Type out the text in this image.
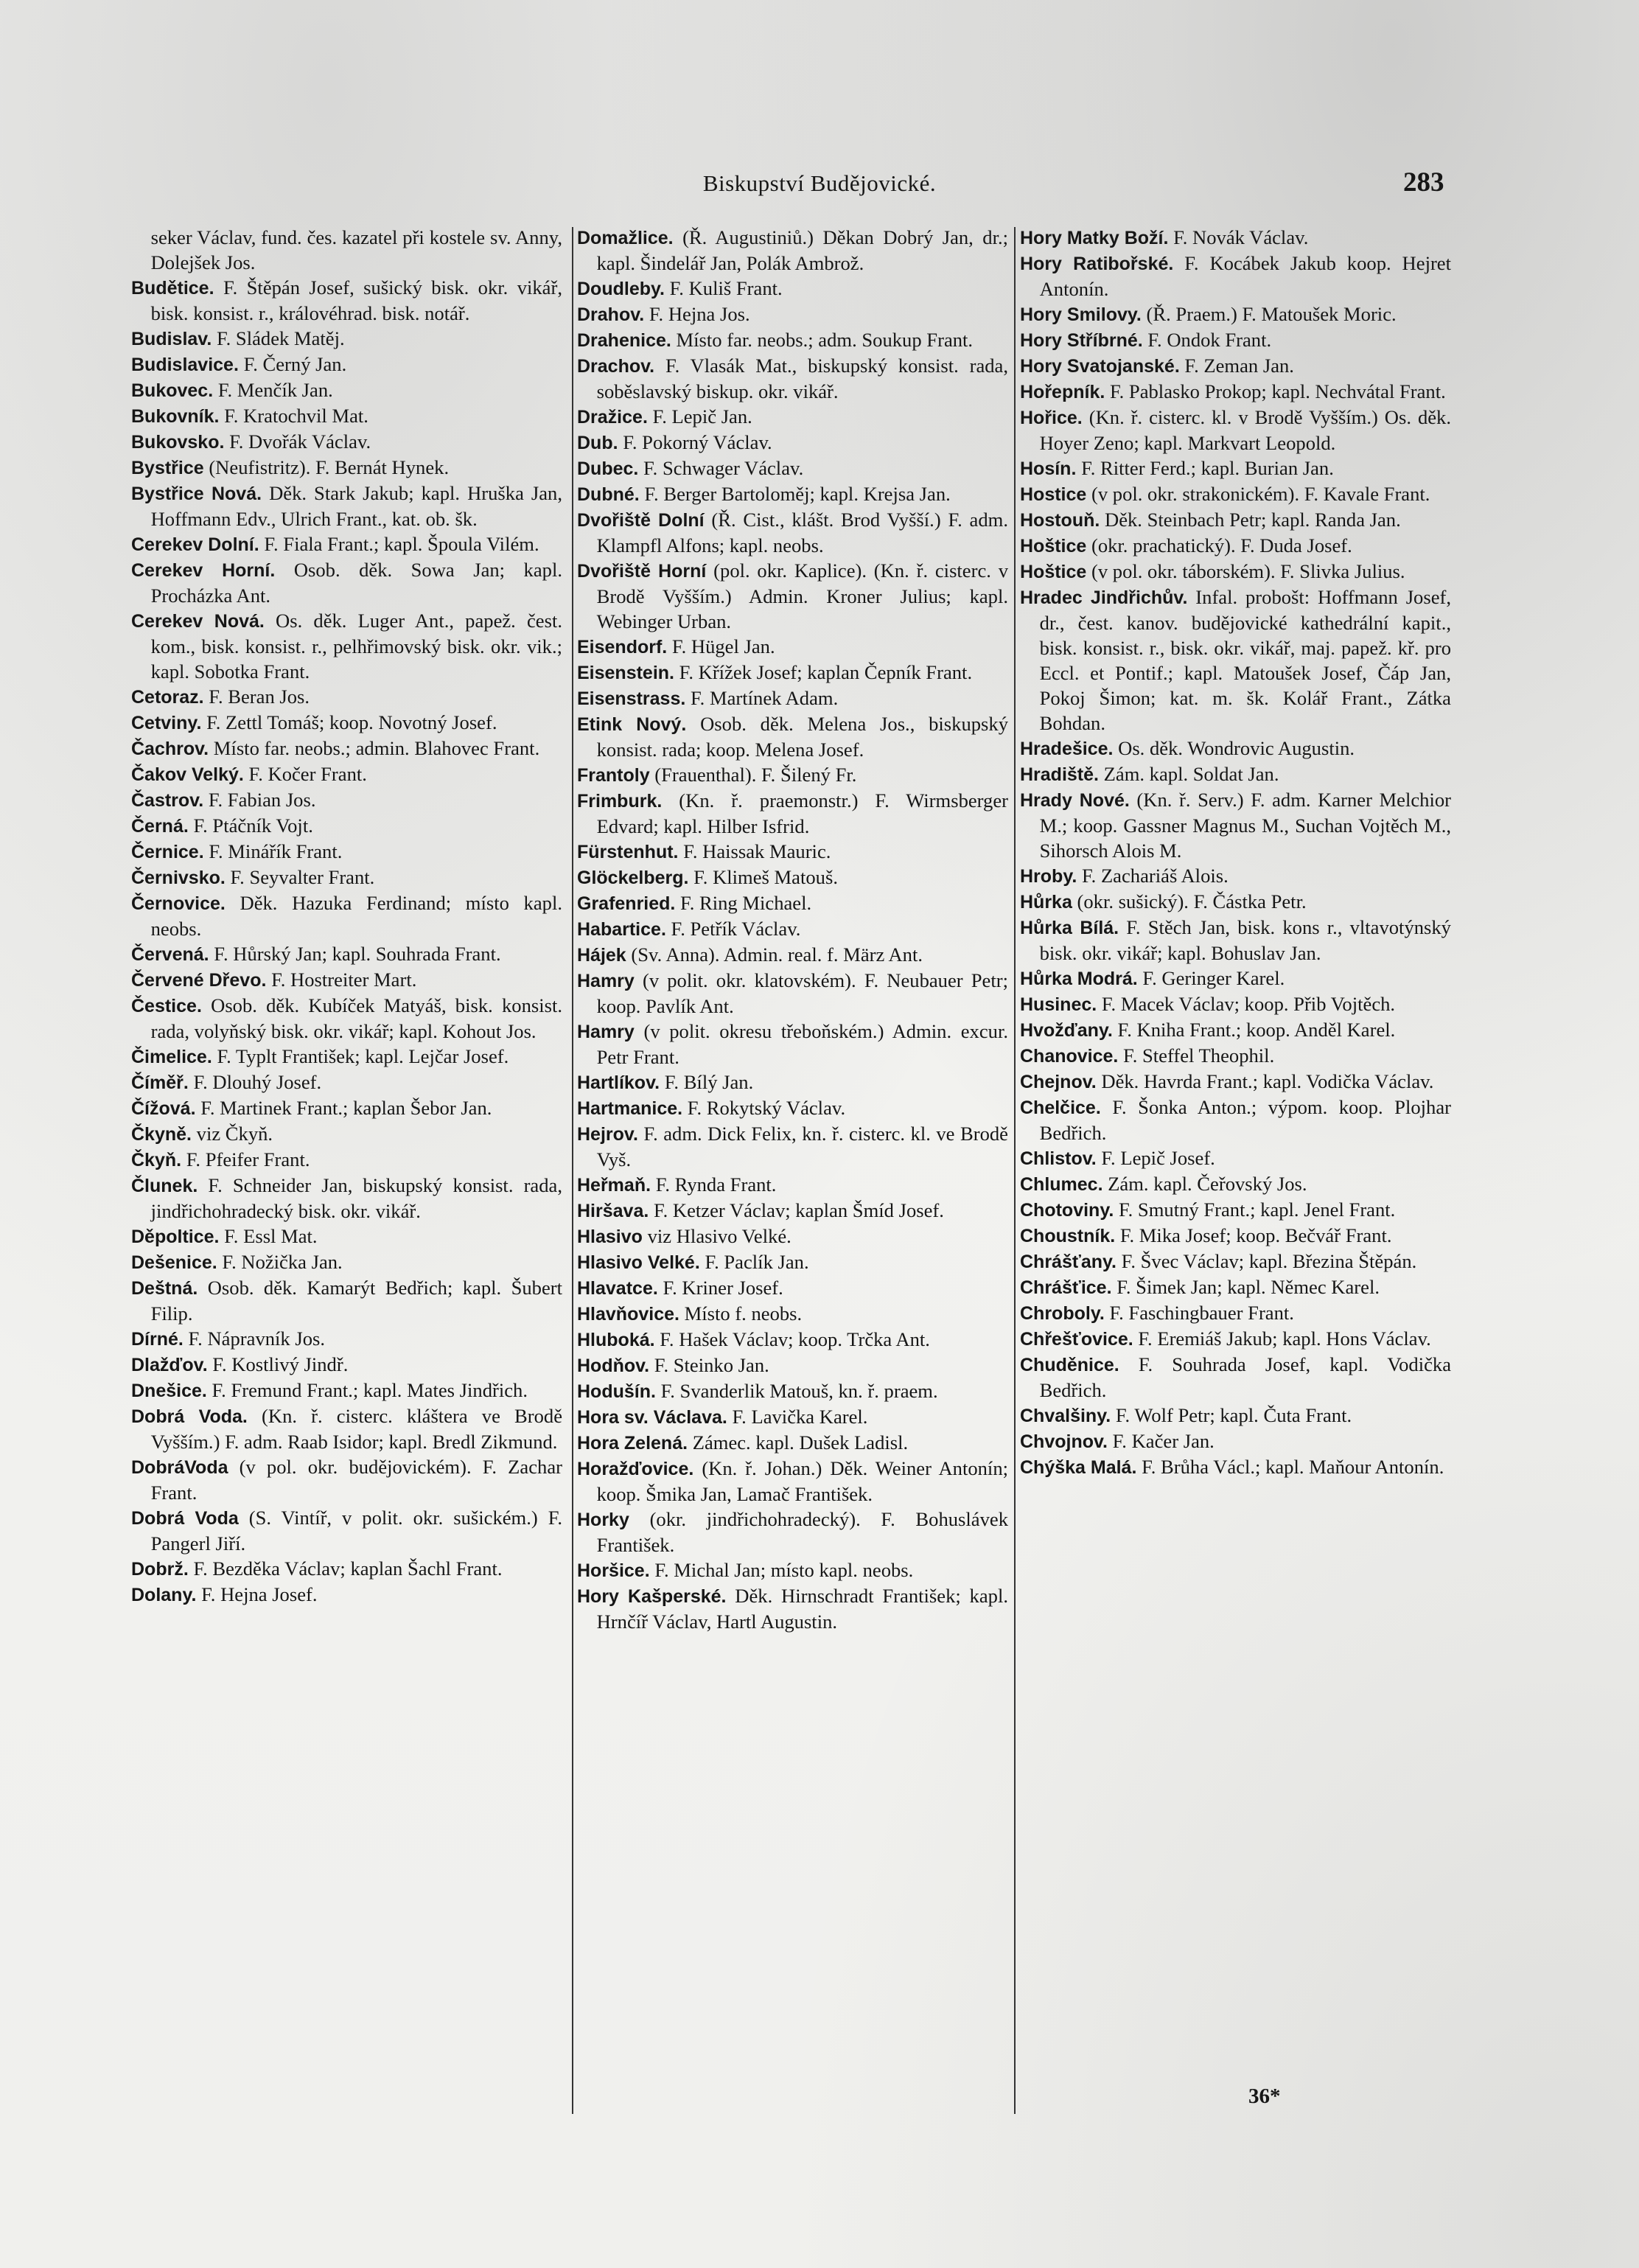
Biskupství Budějovické.	283

seker Václav, fund. čes. kazatel při kostele sv. Anny, Dolejšek Jos.

Budětice. F. Štěpán Josef, sušický bisk. okr. vikář, bisk. konsist. r., královéhrad. bisk. notář.

Budislav. F. Sládek Matěj.

Budislavice. F. Černý Jan.

Bukovec. F. Menčík Jan.

Bukovník. F. Kratochvil Mat.

Bukovsko. F. Dvořák Václav.

Bystřice (Neufistritz). F. Bernát Hynek.

Bystřice Nová. Děk. Stark Jakub; kapl. Hruška Jan, Hoffmann Edv., Ulrich Frant., kat. ob. šk.

Cerekev Dolní. F. Fiala Frant.; kapl. Špoula Vilém.

Cerekev Horní. Osob. děk. Sowa Jan; kapl. Procházka Ant.

Cerekev Nová. Os. děk. Luger Ant., papež. čest. kom., bisk. konsist. r., pelhřimovský bisk. okr. vik.; kapl. Sobotka Frant.

Cetoraz. F. Beran Jos.

Cetviny. F. Zettl Tomáš; koop. Novotný Josef.

Čachrov. Místo far. neobs.; admin. Blahovec Frant.

Čakov Velký. F. Kočer Frant.

Častrov. F. Fabian Jos.

Černá. F. Ptáčník Vojt.

Černice. F. Minářík Frant.

Černivsko. F. Seyvalter Frant.

Černovice. Děk. Hazuka Ferdinand; místo kapl. neobs.

Červená. F. Hůrský Jan; kapl. Souhrada Frant.

Červené Dřevo. F. Hostreiter Mart.

Čestice. Osob. děk. Kubíček Matyáš, bisk. konsist. rada, volyňský bisk. okr. vikář; kapl. Kohout Jos.

Čimelice. F. Typlt František; kapl. Lejčar Josef.

Číměř. F. Dlouhý Josef.

Čížová. F. Martinek Frant.; kaplan Šebor Jan.

Čkyně. viz Čkyň.

Čkyň. F. Pfeifer Frant.

Člunek. F. Schneider Jan, biskupský konsist. rada, jindřichohradecký bisk. okr. vikář.

Děpoltice. F. Essl Mat.

Dešenice. F. Nožička Jan.

Deštná. Osob. děk. Kamarýt Bedřich; kapl. Šubert Filip.

Dírné. F. Nápravník Jos.

Dlažďov. F. Kostlivý Jindř.

Dnešice. F. Fremund Frant.; kapl. Mates Jindřich.

Dobrá Voda. (Kn. ř. cisterc. kláštera ve Brodě Vyšším.) F. adm. Raab Isidor; kapl. Bredl Zikmund.

DobráVoda (v pol. okr. budějovickém). F. Zachar Frant.

Dobrá Voda (S. Vintíř, v polit. okr. sušickém.) F. Pangerl Jiří.

Dobrž. F. Bezděka Václav; kaplan Šachl Frant.

Dolany. F. Hejna Josef.

Domažlice. (Ř. Augustiniů.) Děkan Dobrý Jan, dr.; kapl. Šindelář Jan, Polák Ambrož.

Doudleby. F. Kuliš Frant.

Drahov. F. Hejna Jos.

Drahenice. Místo far. neobs.; adm. Soukup Frant.

Drachov. F. Vlasák Mat., biskupský konsist. rada, soběslavský biskup. okr. vikář.

Dražice. F. Lepič Jan.

Dub. F. Pokorný Václav.

Dubec. F. Schwager Václav.

Dubné. F. Berger Bartoloměj; kapl. Krejsa Jan.

Dvořiště Dolní (Ř. Cist., klášt. Brod Vyšší.) F. adm. Klampfl Alfons; kapl. neobs.

Dvořiště Horní (pol. okr. Kaplice). (Kn. ř. cisterc. v Brodě Vyšším.) Admin. Kroner Julius; kapl. Webinger Urban.

Eisendorf. F. Hügel Jan.

Eisenstein. F. Křížek Josef; kaplan Čepník Frant.

Eisenstrass. F. Martínek Adam.

Etink Nový. Osob. děk. Melena Jos., biskupský konsist. rada; koop. Melena Josef.

Frantoly (Frauenthal). F. Šilený Fr.

Frimburk. (Kn. ř. praemonstr.) F. Wirmsberger Edvard; kapl. Hilber Isfrid.

Fürstenhut. F. Haissak Mauric.

Glöckelberg. F. Klimeš Matouš.

Grafenried. F. Ring Michael.

Habartice. F. Petřík Václav.

Hájek (Sv. Anna). Admin. real. f. März Ant.

Hamry (v polit. okr. klatovském). F. Neubauer Petr; koop. Pavlík Ant.

Hamry (v polit. okresu třeboňském.) Admin. excur. Petr Frant.

Hartlíkov. F. Bílý Jan.

Hartmanice. F. Rokytský Václav.

Hejrov. F. adm. Dick Felix, kn. ř. cisterc. kl. ve Brodě Vyš.

Heřmaň. F. Rynda Frant.

Hiršava. F. Ketzer Václav; kaplan Šmíd Josef.

Hlasivo viz Hlasivo Velké.

Hlasivo Velké. F. Paclík Jan.

Hlavatce. F. Kriner Josef.

Hlavňovice. Místo f. neobs.

Hluboká. F. Hašek Václav; koop. Trčka Ant.

Hodňov. F. Steinko Jan.

Hodušín. F. Svanderlik Matouš, kn. ř. praem.

Hora sv. Václava. F. Lavička Karel.

Hora Zelená. Zámec. kapl. Dušek Ladisl.

Horažďovice. (Kn. ř. Johan.) Děk. Weiner Antonín; koop. Šmika Jan, Lamač František.

Horky (okr. jindřichohradecký). F. Bohuslávek František.

Horšice. F. Michal Jan; místo kapl. neobs.

Hory Kašperské. Děk. Hirnschradt František; kapl. Hrnčíř Václav, Hartl Augustin.

Hory Matky Boží. F. Novák Václav.

Hory Ratibořské. F. Kocábek Jakub koop. Hejret Antonín.

Hory Smilovy. (Ř. Praem.) F. Matoušek Moric.

Hory Stříbrné. F. Ondok Frant.

Hory Svatojanské. F. Zeman Jan.

Hořepník. F. Pablasko Prokop; kapl. Nechvátal Frant.

Hořice. (Kn. ř. cisterc. kl. v Brodě Vyšším.) Os. děk. Hoyer Zeno; kapl. Markvart Leopold.

Hosín. F. Ritter Ferd.; kapl. Burian Jan.

Hostice (v pol. okr. strakonickém). F. Kavale Frant.

Hostouň. Děk. Steinbach Petr; kapl. Randa Jan.

Hoštice (okr. prachatický). F. Duda Josef.

Hoštice (v pol. okr. táborském). F. Slivka Julius.

Hradec Jindřichův. Infal. probošt: Hoffmann Josef, dr., čest. kanov. budějovické kathedrální kapit., bisk. konsist. r., bisk. okr. vikář, maj. papež. kř. pro Eccl. et Pontif.; kapl. Matoušek Josef, Čáp Jan, Pokoj Šimon; kat. m. šk. Kolář Frant., Zátka Bohdan.

Hradešice. Os. děk. Wondrovic Augustin.

Hradiště. Zám. kapl. Soldat Jan.

Hrady Nové. (Kn. ř. Serv.) F. adm. Karner Melchior M.; koop. Gassner Magnus M., Suchan Vojtěch M., Sihorsch Alois M.

Hroby. F. Zachariáš Alois.

Hůrka (okr. sušický). F. Částka Petr.

Hůrka Bílá. F. Stěch Jan, bisk. kons r., vltavotýnský bisk. okr. vikář; kapl. Bohuslav Jan.

Hůrka Modrá. F. Geringer Karel.

Husinec. F. Macek Václav; koop. Přib Vojtěch.

Hvožďany. F. Kniha Frant.; koop. Anděl Karel.

Chanovice. F. Steffel Theophil.

Chejnov. Děk. Havrda Frant.; kapl. Vodička Václav.

Chelčice. F. Šonka Anton.; výpom. koop. Plojhar Bedřich.

Chlistov. F. Lepič Josef.

Chlumec. Zám. kapl. Čeřovský Jos.

Chotoviny. F. Smutný Frant.; kapl. Jenel Frant.

Choustník. F. Mika Josef; koop. Bečvář Frant.

Chrášťany. F. Švec Václav; kapl. Březina Štěpán.

Chrášťice. F. Šimek Jan; kapl. Němec Karel.

Chroboly. F. Faschingbauer Frant.

Chřešťovice. F. Eremiáš Jakub; kapl. Hons Václav.

Chuděnice. F. Souhrada Josef, kapl. Vodička Bedřich.

Chvalšiny. F. Wolf Petr; kapl. Čuta Frant.

Chvojnov. F. Kačer Jan.

Chýška Malá. F. Brůha Václ.; kapl. Maňour Antonín.

36*
